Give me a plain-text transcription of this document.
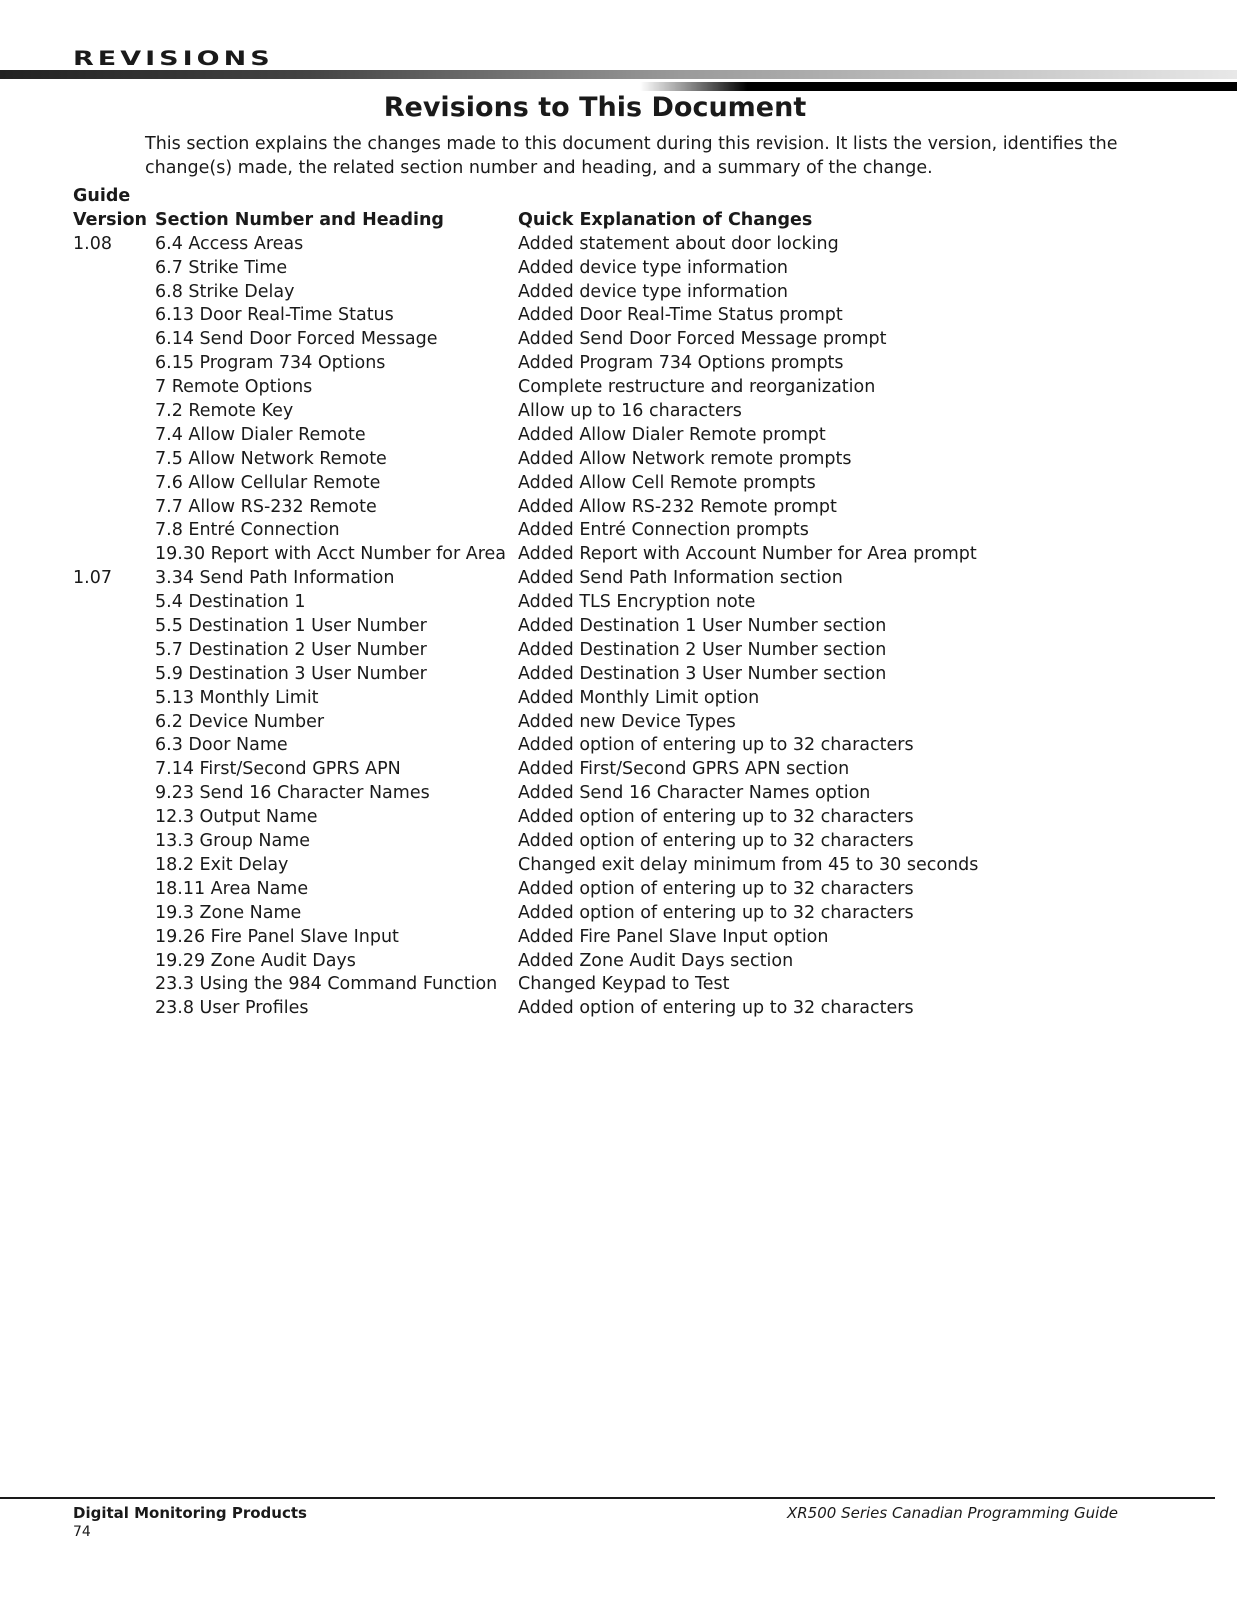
REVISIONS
Revisions to This Document
This section explains the changes made to this document during this revision. It lists the version, identifies the change(s) made, the related section number and heading, and a summary of the change.
Guide
Version Section Number and Heading	Quick Explanation of Changes
1.08 6.4 Access Areas	Added statement about door locking
6.7 Strike Time	Added device type information
6.8 Strike Delay	Added device type information
6.13 Door Real-Time Status	Added Door Real-Time Status prompt
6.14 Send Door Forced Message	Added Send Door Forced Message prompt
6.15 Program 734 Options	Added Program 734 Options prompts
7 Remote Options	Complete restructure and reorganization
7.2 Remote Key	Allow up to 16 characters
7.4 Allow Dialer Remote	Added Allow Dialer Remote prompt
7.5 Allow Network Remote	Added Allow Network remote prompts
7.6 Allow Cellular Remote	Added Allow Cell Remote prompts
7.7 Allow RS-232 Remote	Added Allow RS-232 Remote prompt
7.8 Entré Connection	Added Entré Connection prompts
19.30 Report with Acct Number for Area Added Report with Account Number for Area prompt
1.07 3.34 Send Path Information	Added Send Path Information section
5.4 Destination 1	Added TLS Encryption note
5.5 Destination 1 User Number	Added Destination 1 User Number section
5.7 Destination 2 User Number	Added Destination 2 User Number section
5.9 Destination 3 User Number	Added Destination 3 User Number section
5.13 Monthly Limit	Added Monthly Limit option
6.2 Device Number	Added new Device Types
6.3 Door Name	Added option of entering up to 32 characters
7.14 First/Second GPRS APN	Added First/Second GPRS APN section
9.23 Send 16 Character Names	Added Send 16 Character Names option
12.3 Output Name	Added option of entering up to 32 characters
13.3 Group Name	Added option of entering up to 32 characters
18.2 Exit Delay	Changed exit delay minimum from 45 to 30 seconds
18.11 Area Name	Added option of entering up to 32 characters
19.3 Zone Name	Added option of entering up to 32 characters
19.26 Fire Panel Slave Input	Added Fire Panel Slave Input option
19.29 Zone Audit Days	Added Zone Audit Days section
23.3 Using the 984 Command Function Changed Keypad to Test
23.8 User Profiles	Added option of entering up to 32 characters
Digital Monitoring Products
74
XR500 Series Canadian Programming Guide
